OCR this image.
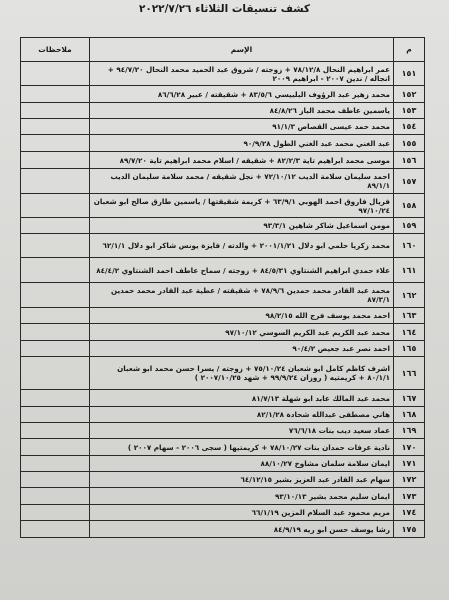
كشف تنسيقات الثلاثاء ٢٠٢٢/٧/٢٦
م	الإسم	ملاحظات
١٥١	عمر ابراهيم النحال ٧٨/١٢/٨ + زوجته / شروق عبد الحميد محمد النحال ٩٤/٧/٢٠ + انجاله / ندين ٢٠٠٧ - ابراهيم ٢٠٠٩	
١٥٢	محمد زهير عبد الرؤوف البلبيسي ٨٣/٥/٦ + شقيقته / عبير ٨٦/٦/٢٨	
١٥٣	ياسمين عاطف محمد الباز ٨٤/٨/٢٦	
١٥٤	محمد حمد عيسى القصاص ٩١/١/٣	
١٥٥	عبد الغني محمد عبد الغني الطول ٩٠/٩/٢٨	
١٥٦	موسى محمد ابراهيم تاية ٨٢/٢/٣ + شقيقه / اسلام محمد ابراهيم تاية ٨٩/٧/٢٠	
١٥٧	احمد سليمان سلامة الديب ٧٢/١٠/١٢ + نجل شقيقه / محمد سلامة سليمان الديب ٨٩/١/١	
١٥٨	فريال فاروق احمد الهوبي ٦٣/٩/١ + كريمة شقيقتها / ياسمين طارق صالح ابو شعبان ٩٧/١٠/٢٤	
١٥٩	مومن اسماعيل شاكر شاهين ٩٣/٣/١	
١٦٠	محمد زكريا حلمي ابو دلال ٢٠٠١/١/٢١ + والدته / فايزة يونس شاكر ابو دلال ٦٢/١/١	
١٦١	علاء حمدي ابراهيم الشنتاوي ٨٤/٥/٣١ + زوجته / سماح عاطف احمد الشنتاوي ٨٤/٤/٢	
١٦٢	محمد عبد القادر محمد حمدين ٧٨/٩/٦ + شقيقته / عطية عبد القادر محمد حمدين ٨٧/٣/١	
١٦٣	احمد محمد يوسف فرج الله ٩٨/٢/١٥	
١٦٤	محمد عبد الكريم عبد الكريم السوسي ٩٧/١٠/١٢	
١٦٥	احمد نصر عبد جعيص ٩٠/٤/٢	
١٦٦	اشرف كاظم كامل ابو شعبان ٧٥/١٠/٢٤ + زوجته / يسرا حسن محمد ابو شعبان ٨٠/١/١ + كريمتيه ( روزان ٩٩/٩/٢٤ + شهد ٢٠٠٧/١٠/٢٥ )	
١٦٧	محمد عبد المالك عابد ابو شهلة ٨١/٧/١٣	
١٦٨	هاني مصطفى عبدالله شحادة ٨٢/١/٢٨	
١٦٩	عماد سعيد ديب بنات ٧٦/٦/١٨	
١٧٠	نادية عرفات حمدان بنات ٧٨/١٠/٢٧ + كريمتيها ( سجى ٢٠٠٦ - سهام ٢٠٠٧ )	
١٧١	ايمان سلامة سلمان مشاوخ ٨٨/١٠/٢٧	
١٧٢	سهام عبد القادر عبد العزيز بشير ٦٤/١٢/١٥	
١٧٣	ايمان سليم محمد بشير ٩٣/١٠/١٣	
١٧٤	مريم محمود عبد السلام المزين ٦٦/١/١٩	
١٧٥	رشا يوسف حسن ابو ريه ٨٤/٩/١٩	
